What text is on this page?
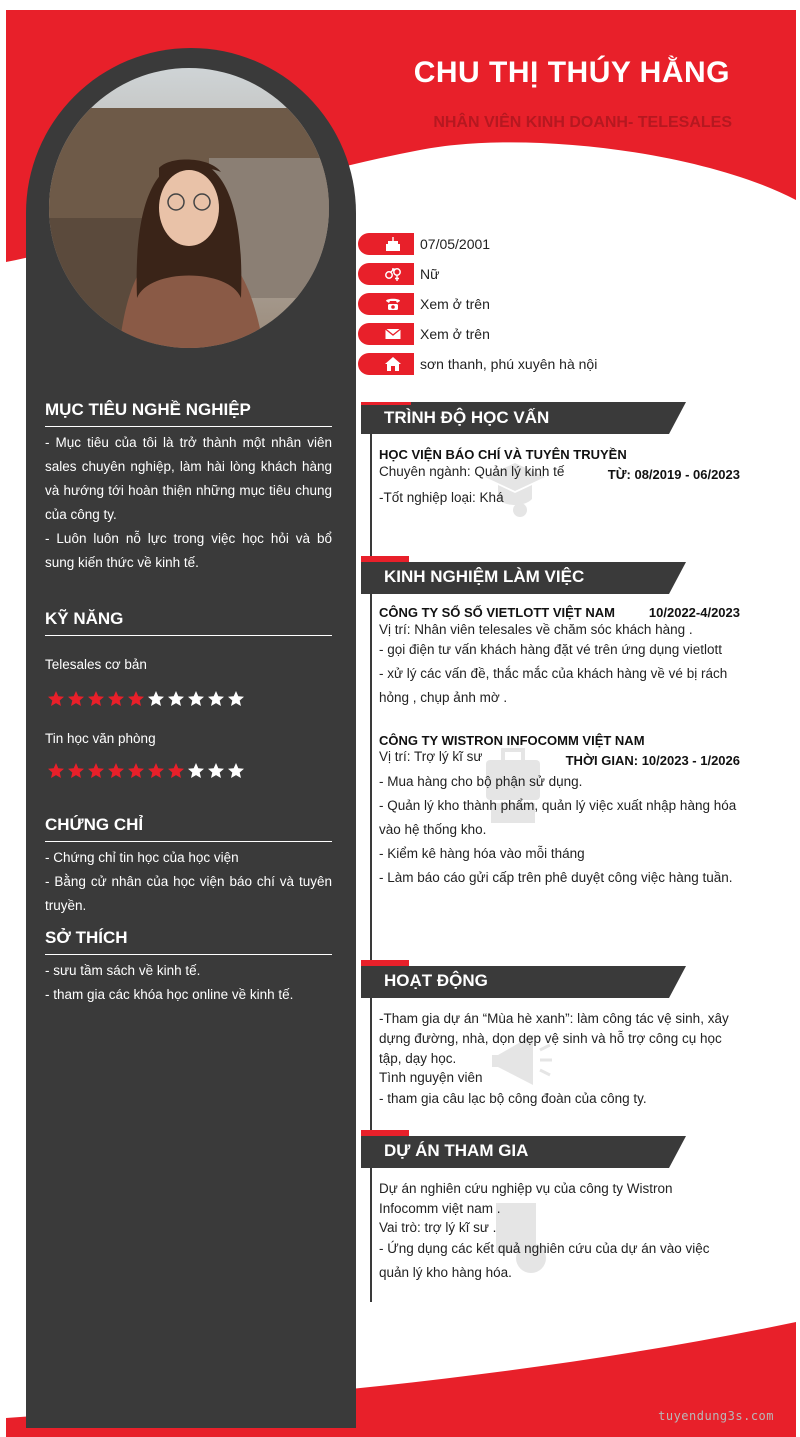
CHU THỊ THÚY HẰNG
NHÂN VIÊN KINH DOANH- TELESALES
07/05/2001
Nữ
Xem ở trên
Xem ở trên
sơn thanh, phú xuyên hà nội
MỤC TIÊU NGHỀ NGHIỆP

- Mục tiêu của tôi là trở thành một nhân viên sales chuyên nghiệp, làm hài lòng khách hàng và hướng tới hoàn thiện những mục tiêu chung của công ty.

- Luôn luôn nỗ lực trong việc học hỏi và bổ sung kiến thức về kinh tế.

KỸ NĂNG
Telesales cơ bản
Tin học văn phòng
CHỨNG CHỈ

- Chứng chỉ tin học của học viện

- Bằng cử nhân của học viện báo chí và tuyên truyền.

SỞ THÍCH

- sưu tầm sách về kinh tế.

- tham gia các khóa học online về kinh tế.

TRÌNH ĐỘ HỌC VẤN
HỌC VIỆN BÁO CHÍ VÀ TUYÊN TRUYỀN
Chuyên ngành: Quản lý kinh tế	TỪ: 08/2019 - 06/2023
-Tốt nghiệp loại: Khá
KINH NGHIỆM LÀM VIỆC
CÔNG TY SỔ SỐ VIETLOTT VIỆT NAM	10/2022-4/2023
Vị trí: Nhân viên telesales về chăm sóc khách hàng .

- gọi điện tư vấn khách hàng đặt vé trên ứng dụng vietlott

- xử lý các vấn đề, thắc mắc của khách hàng về vé bị rách hỏng , chụp ảnh mờ .

CÔNG TY WISTRON INFOCOMM VIỆT NAM
Vị trí: Trợ lý kĩ sư	THỜI GIAN: 10/2023 - 1/2026

- Mua hàng cho bộ phận sử dụng.

- Quản lý kho thành phẩm, quản lý việc xuất nhập hàng hóa vào hệ thống kho.

- Kiểm kê hàng hóa vào mỗi tháng

- Làm báo cáo gửi cấp trên phê duyệt công việc hàng tuần.

HOẠT ĐỘNG

-Tham gia dự án “Mùa hè xanh”: làm công tác vệ sinh, xây dựng đường, nhà, dọn dẹp vệ sinh và hỗ trợ công cụ học tập, dạy học.

Tình nguyện viên

- tham gia câu lạc bộ công đoàn của công ty.

DỰ ÁN THAM GIA

Dự án nghiên cứu nghiệp vụ của công ty Wistron Infocomm việt nam .

Vai trò: trợ lý kĩ sư .

- Ứng dụng các kết quả nghiên cứu của dự án vào việc quản lý kho hàng hóa.

tuyendung3s.com
